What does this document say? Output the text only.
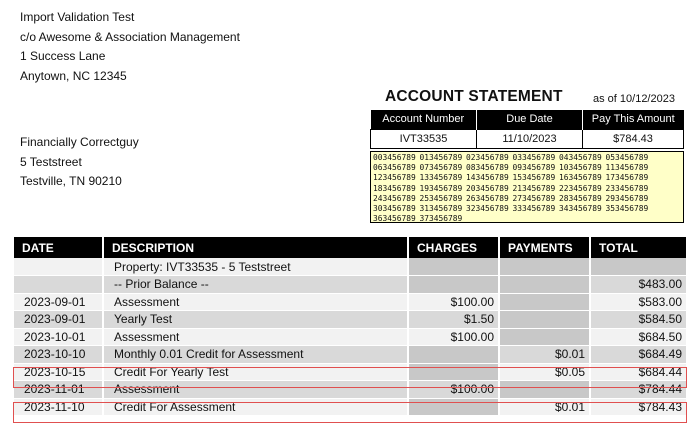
Import Validation Test
c/o Awesome & Association Management
1 Success Lane
Anytown, NC 12345
Financially Correctguy
5 Teststreet
Testville, TN 90210
ACCOUNT STATEMENT	as of 10/12/2023
Account Number	Due Date	Pay This Amount
IVT33535	11/10/2023	$784.43
003456789 013456789 023456789 033456789 043456789 053456789
063456789 073456789 083456789 093456789 103456789 113456789
123456789 133456789 143456789 153456789 163456789 173456789
183456789 193456789 203456789 213456789 223456789 233456789
243456789 253456789 263456789 273456789 283456789 293456789
303456789 313456789 323456789 333456789 343456789 353456789
363456789 373456789
DATE	DESCRIPTION	CHARGES	PAYMENTS	TOTAL
	Property: IVT33535 - 5 Teststreet			
	-- Prior Balance --			$483.00
2023-09-01	Assessment	$100.00		$583.00
2023-09-01	Yearly Test	$1.50		$584.50
2023-10-01	Assessment	$100.00		$684.50
2023-10-10	Monthly 0.01 Credit for Assessment		$0.01	$684.49
2023-10-15	Credit For Yearly Test		$0.05	$684.44
2023-11-01	Assessment	$100.00		$784.44
2023-11-10	Credit For Assessment		$0.01	$784.43
